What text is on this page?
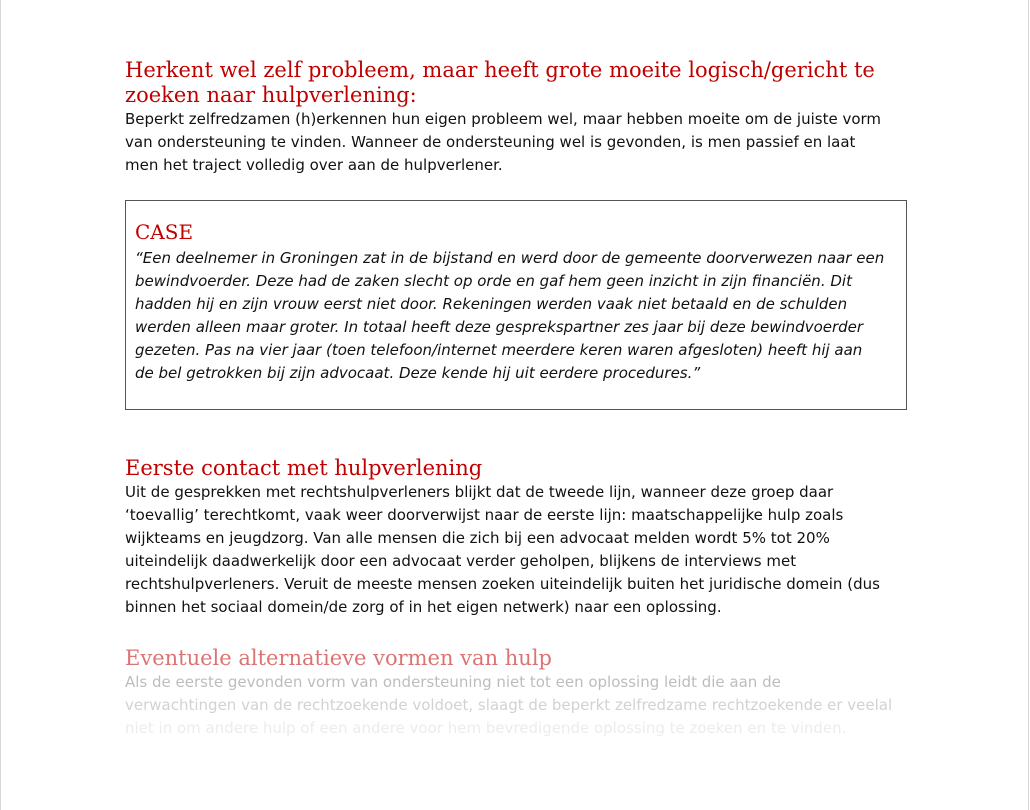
Herkent wel zelf probleem, maar heeft grote moeite logisch/gericht te
zoeken naar hulpverlening:

Beperkt zelfredzamen (h)erkennen hun eigen probleem wel, maar hebben moeite om de juiste vorm
van ondersteuning te vinden. Wanneer de ondersteuning wel is gevonden, is men passief en laat
men het traject volledig over aan de hulpverlener.

CASE

“Een deelnemer in Groningen zat in de bijstand en werd door de gemeente doorverwezen naar een
bewindvoerder. Deze had de zaken slecht op orde en gaf hem geen inzicht in zijn financiën. Dit
hadden hij en zijn vrouw eerst niet door. Rekeningen werden vaak niet betaald en de schulden
werden alleen maar groter. In totaal heeft deze gesprekspartner zes jaar bij deze bewindvoerder
gezeten. Pas na vier jaar (toen telefoon/internet meerdere keren waren afgesloten) heeft hij aan
de bel getrokken bij zijn advocaat. Deze kende hij uit eerdere procedures.”

Eerste contact met hulpverlening

Uit de gesprekken met rechtshulpverleners blijkt dat de tweede lijn, wanneer deze groep daar
‘toevallig’ terechtkomt, vaak weer doorverwijst naar de eerste lijn: maatschappelijke hulp zoals
wijkteams en jeugdzorg. Van alle mensen die zich bij een advocaat melden wordt 5% tot 20%
uiteindelijk daadwerkelijk door een advocaat verder geholpen, blijkens de interviews met
rechtshulpverleners. Veruit de meeste mensen zoeken uiteindelijk buiten het juridische domein (dus
binnen het sociaal domein/de zorg of in het eigen netwerk) naar een oplossing.

Eventuele alternatieve vormen van hulp

Als de eerste gevonden vorm van ondersteuning niet tot een oplossing leidt die aan de
verwachtingen van de rechtzoekende voldoet, slaagt de beperkt zelfredzame rechtzoekende er veelal
niet in om andere hulp of een andere voor hem bevredigende oplossing te zoeken en te vinden.
